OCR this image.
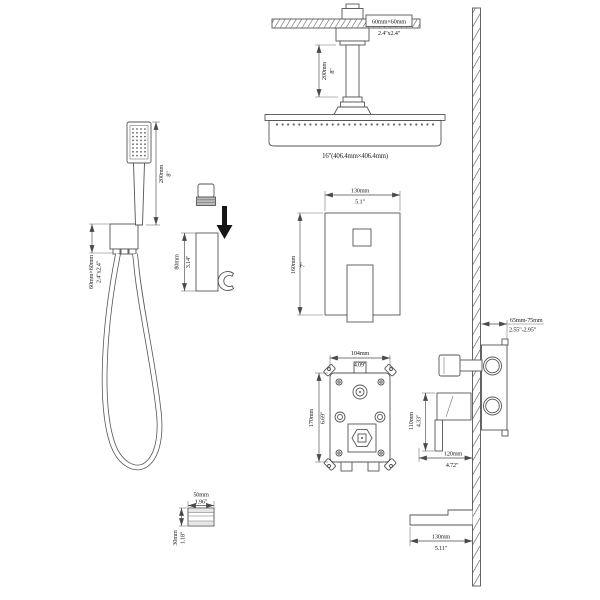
60mm×60mm
2.4"x2.4"
200mm 8"
16"(406.4mm×406.4mm)
200mm 8"
60mm×60mm 2.4"x2.4"	80mm 3.14"
130mm
5.1"
160mm 7"
104mm
4.09"
170mm 6.69"
65mm-75mm
2.55"-2.95"
110mm 4.33"
120mm
4.72"
130mm
5.11"
50mm
1.96"
30mm 1.18"
